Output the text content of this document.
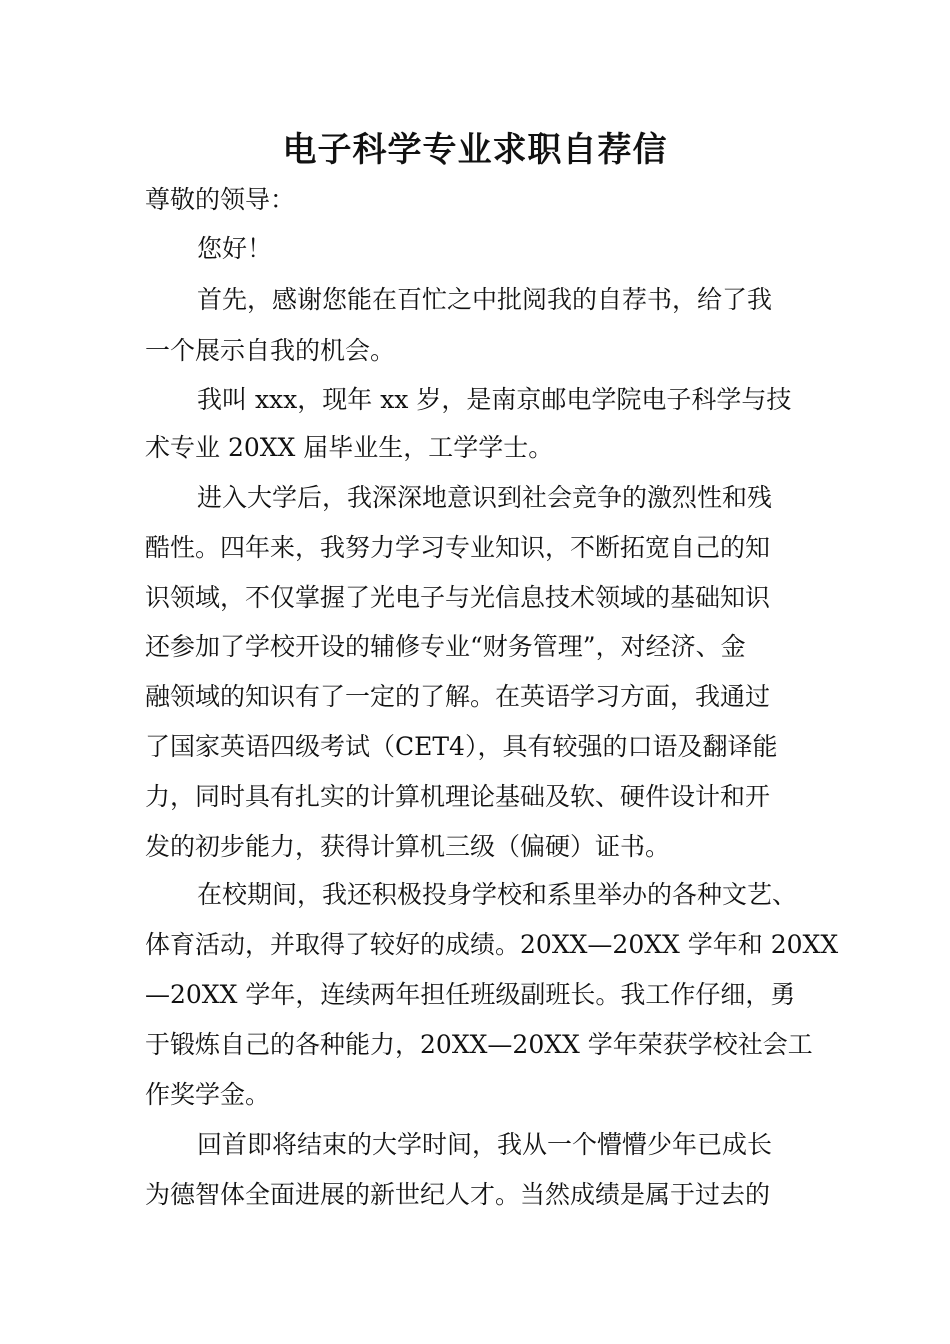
电子科学专业求职自荐信

尊敬的领导：

您好！

首先，感谢您能在百忙之中批阅我的自荐书，给了我

一个展示自我的机会。

我叫 xxx，现年 xx 岁，是南京邮电学院电子科学与技

术专业 20XX 届毕业生，工学学士。

进入大学后，我深深地意识到社会竞争的激烈性和残

酷性。四年来，我努力学习专业知识，不断拓宽自己的知

识领域，不仅掌握了光电子与光信息技术领域的基础知识

还参加了学校开设的辅修专业“财务管理”，对经济、金

融领域的知识有了一定的了解。在英语学习方面，我通过

了国家英语四级考试（CET4），具有较强的口语及翻译能

力，同时具有扎实的计算机理论基础及软、硬件设计和开

发的初步能力，获得计算机三级（偏硬）证书。

在校期间，我还积极投身学校和系里举办的各种文艺、

体育活动，并取得了较好的成绩。20XX—20XX 学年和 20XX

—20XX 学年，连续两年担任班级副班长。我工作仔细，勇

于锻炼自己的各种能力，20XX—20XX 学年荣获学校社会工

作奖学金。

回首即将结束的大学时间，我从一个懵懵少年已成长

为德智体全面进展的新世纪人才。当然成绩是属于过去的
